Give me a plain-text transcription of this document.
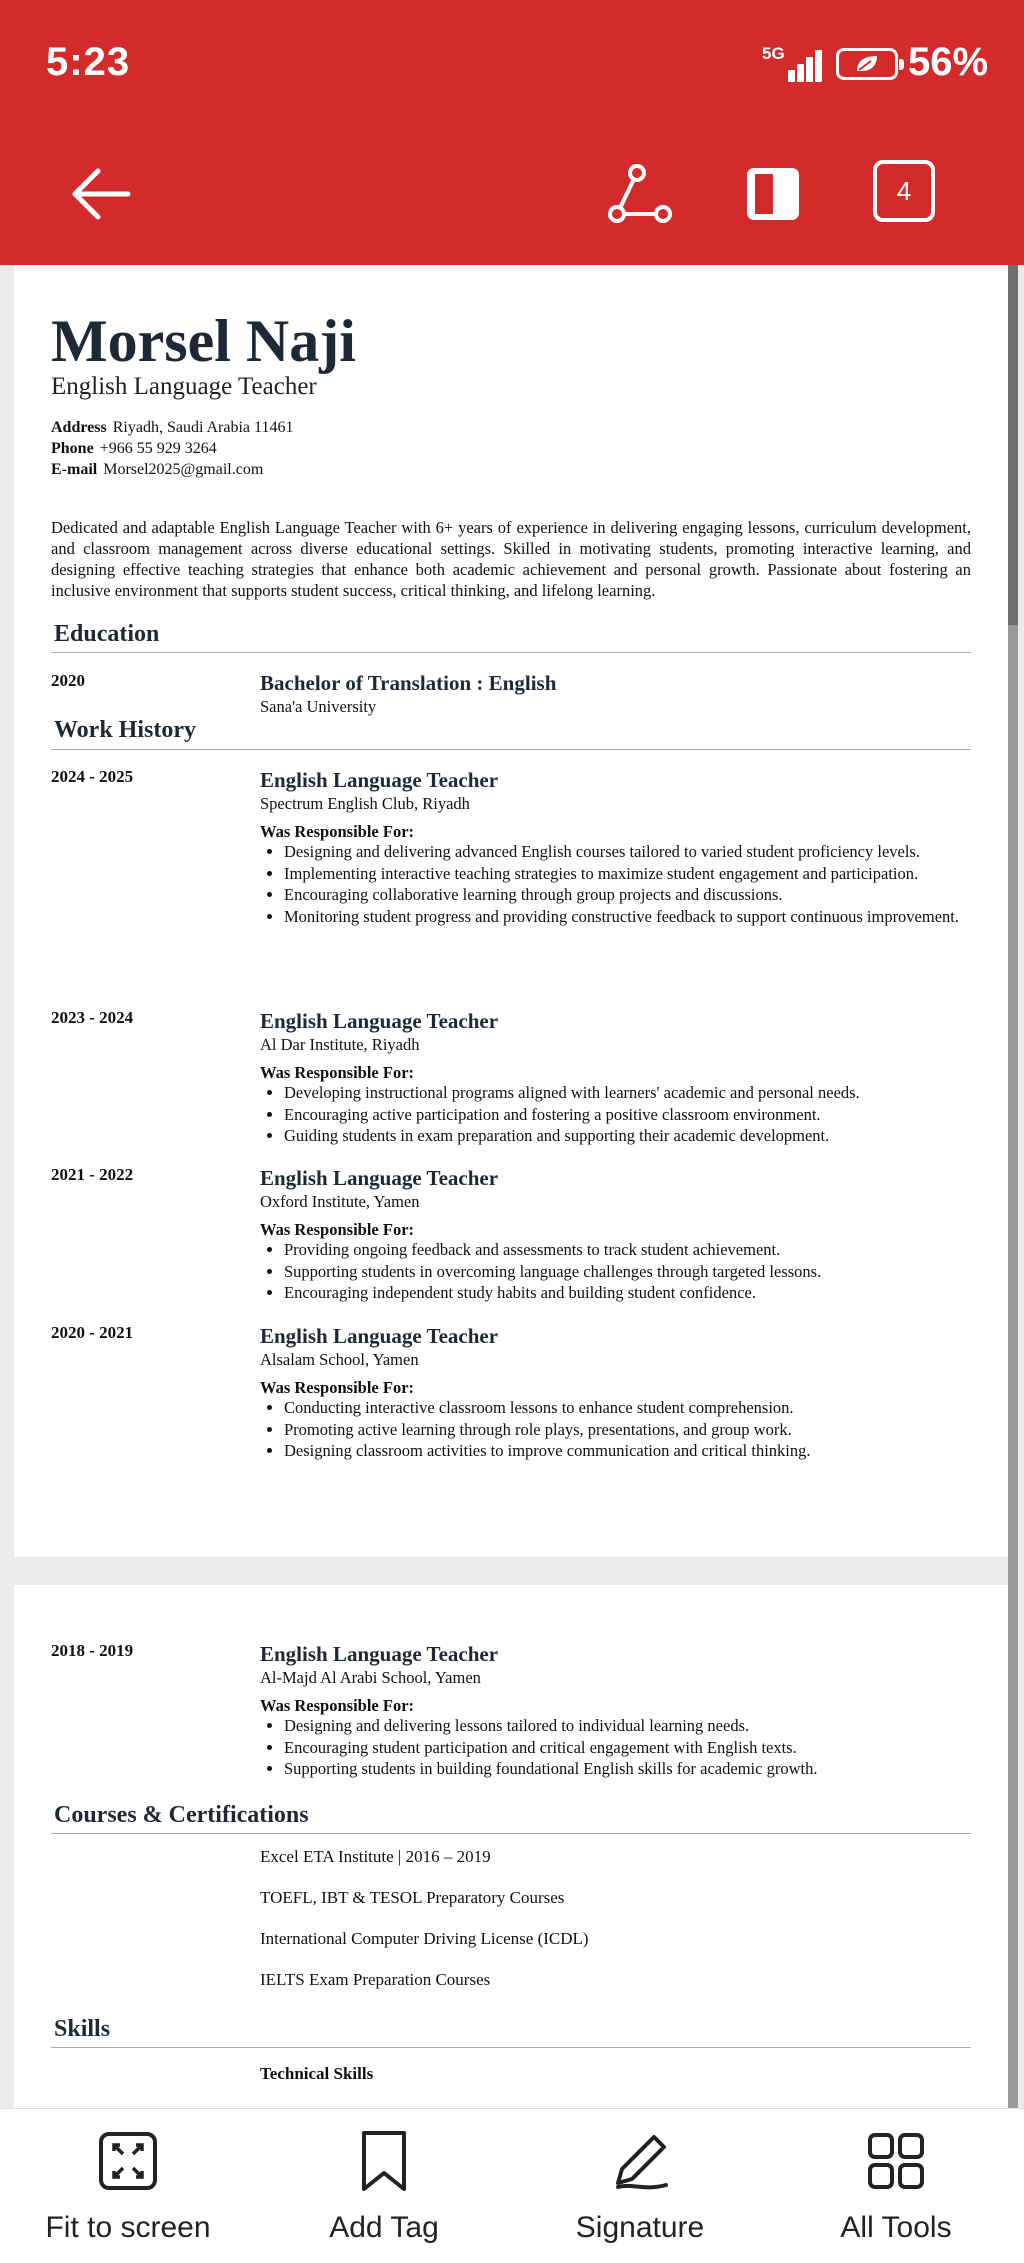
5:23	5G	56%
4
Morsel Naji
English Language Teacher
Address Riyadh, Saudi Arabia 11461
Phone +966 55 929 3264
E-mail Morsel2025@gmail.com
Dedicated and adaptable English Language Teacher with 6+ years of experience in delivering engaging lessons, curriculum development, and classroom management across diverse educational settings. Skilled in motivating students, promoting interactive learning, and designing effective teaching strategies that enhance both academic achievement and personal growth. Passionate about fostering an inclusive environment that supports student success, critical thinking, and lifelong learning.
Education
2020	Bachelor of Translation : English
Sana'a University
Work History
2024 - 2025	English Language Teacher
Spectrum English Club, Riyadh
Was Responsible For:
• Designing and delivering advanced English courses tailored to varied student proficiency levels.
• Implementing interactive teaching strategies to maximize student engagement and participation.
• Encouraging collaborative learning through group projects and discussions.
• Monitoring student progress and providing constructive feedback to support continuous improvement.
2023 - 2024	English Language Teacher
Al Dar Institute, Riyadh
Was Responsible For:
• Developing instructional programs aligned with learners' academic and personal needs.
• Encouraging active participation and fostering a positive classroom environment.
• Guiding students in exam preparation and supporting their academic development.
2021 - 2022	English Language Teacher
Oxford Institute, Yamen
Was Responsible For:
• Providing ongoing feedback and assessments to track student achievement.
• Supporting students in overcoming language challenges through targeted lessons.
• Encouraging independent study habits and building student confidence.
2020 - 2021	English Language Teacher
Alsalam School, Yamen
Was Responsible For:
• Conducting interactive classroom lessons to enhance student comprehension.
• Promoting active learning through role plays, presentations, and group work.
• Designing classroom activities to improve communication and critical thinking.
2018 - 2019	English Language Teacher
Al-Majd Al Arabi School, Yamen
Was Responsible For:
• Designing and delivering lessons tailored to individual learning needs.
• Encouraging student participation and critical engagement with English texts.
• Supporting students in building foundational English skills for academic growth.
Courses & Certifications
Excel ETA Institute | 2016 – 2019
TOEFL, IBT & TESOL Preparatory Courses
International Computer Driving License (ICDL)
IELTS Exam Preparation Courses
Skills
Technical Skills
Fit to screen	Add Tag	Signature	All Tools
